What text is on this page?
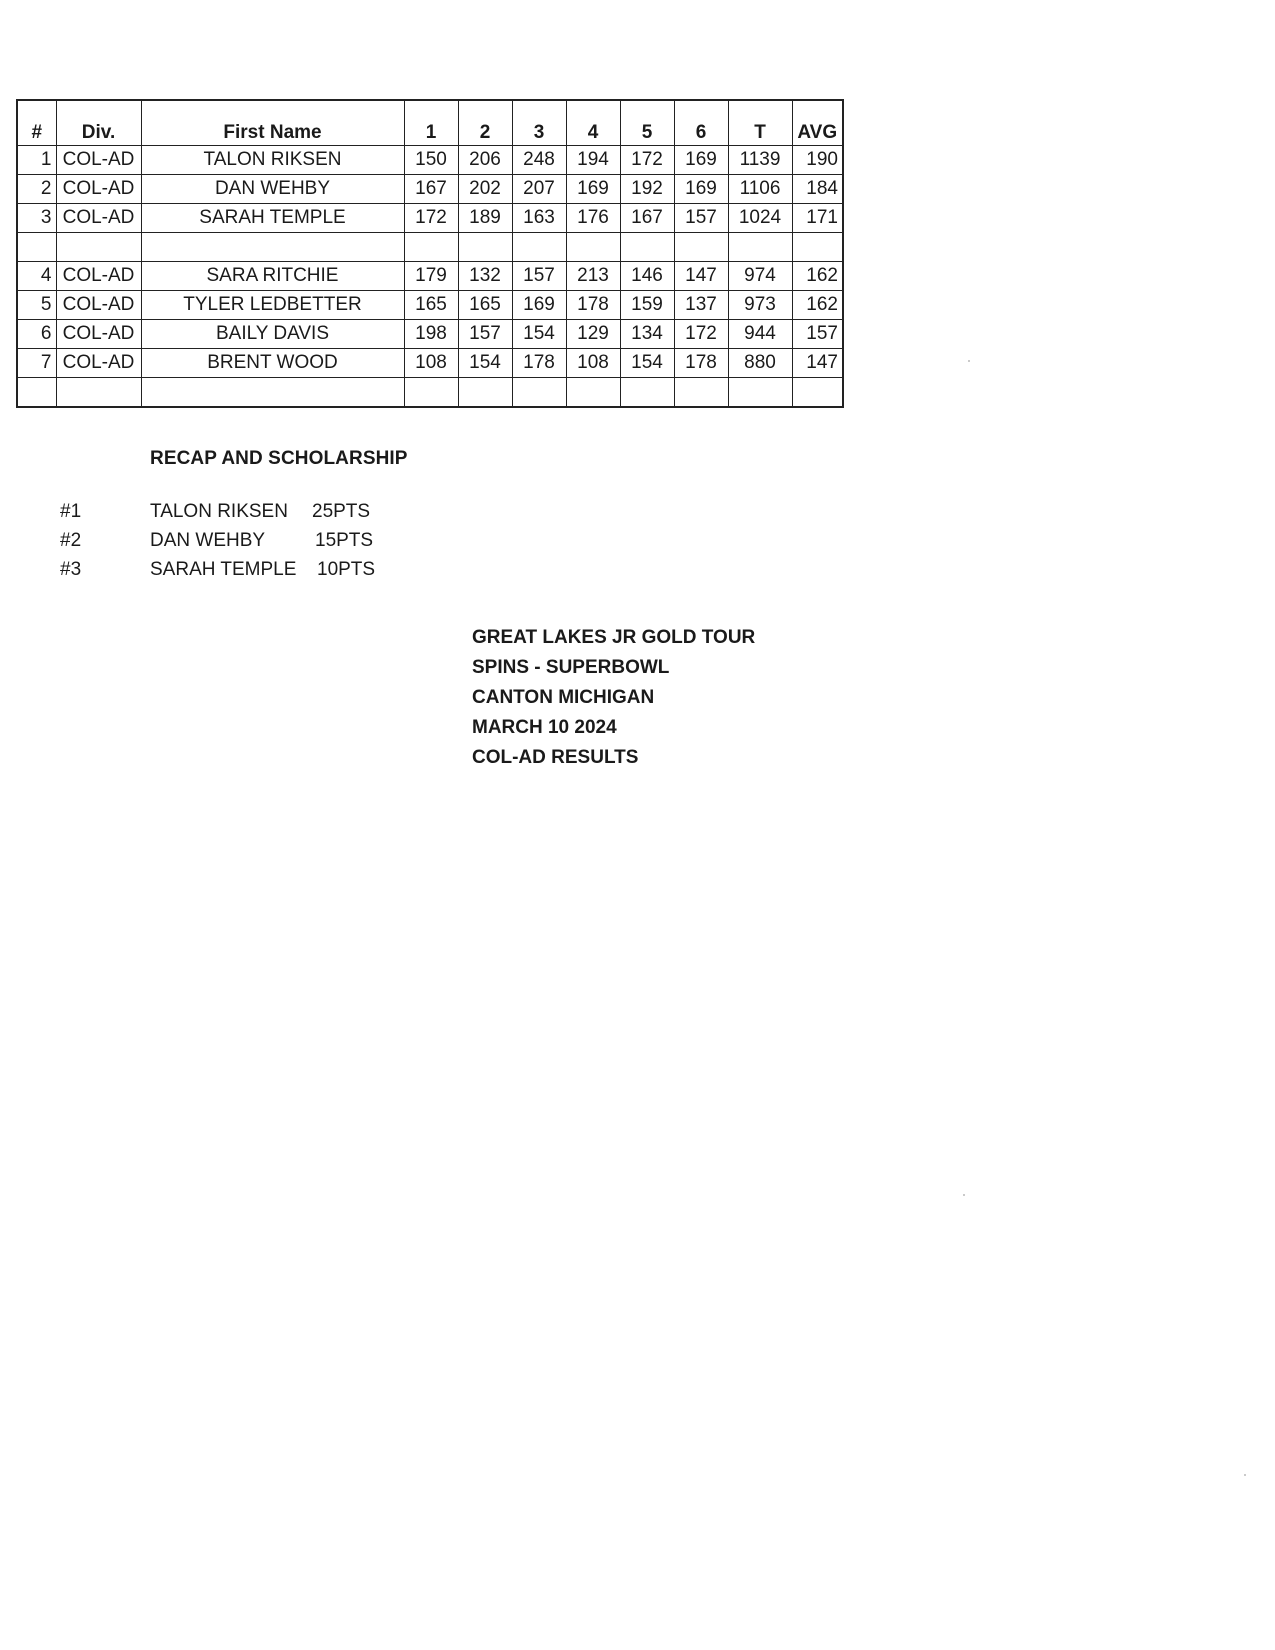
#	Div.	First Name	1	2	3	4	5	6	T	AVG
1	COL-AD	TALON RIKSEN	150	206	248	194	172	169	1139	190
2	COL-AD	DAN WEHBY	167	202	207	169	192	169	1106	184
3	COL-AD	SARAH TEMPLE	172	189	163	176	167	157	1024	171

4	COL-AD	SARA RITCHIE	179	132	157	213	146	147	974	162
5	COL-AD	TYLER LEDBETTER	165	165	169	178	159	137	973	162
6	COL-AD	BAILY DAVIS	198	157	154	129	134	172	944	157
7	COL-AD	BRENT WOOD	108	154	178	108	154	178	880	147

RECAP AND SCHOLARSHIP
#1	TALON RIKSEN 25PTS
#2	DAN WEHBY	15PTS
#3	SARAH TEMPLE 10PTS
GREAT LAKES JR GOLD TOUR
SPINS - SUPERBOWL
CANTON MICHIGAN
MARCH 10 2024
COL-AD RESULTS
